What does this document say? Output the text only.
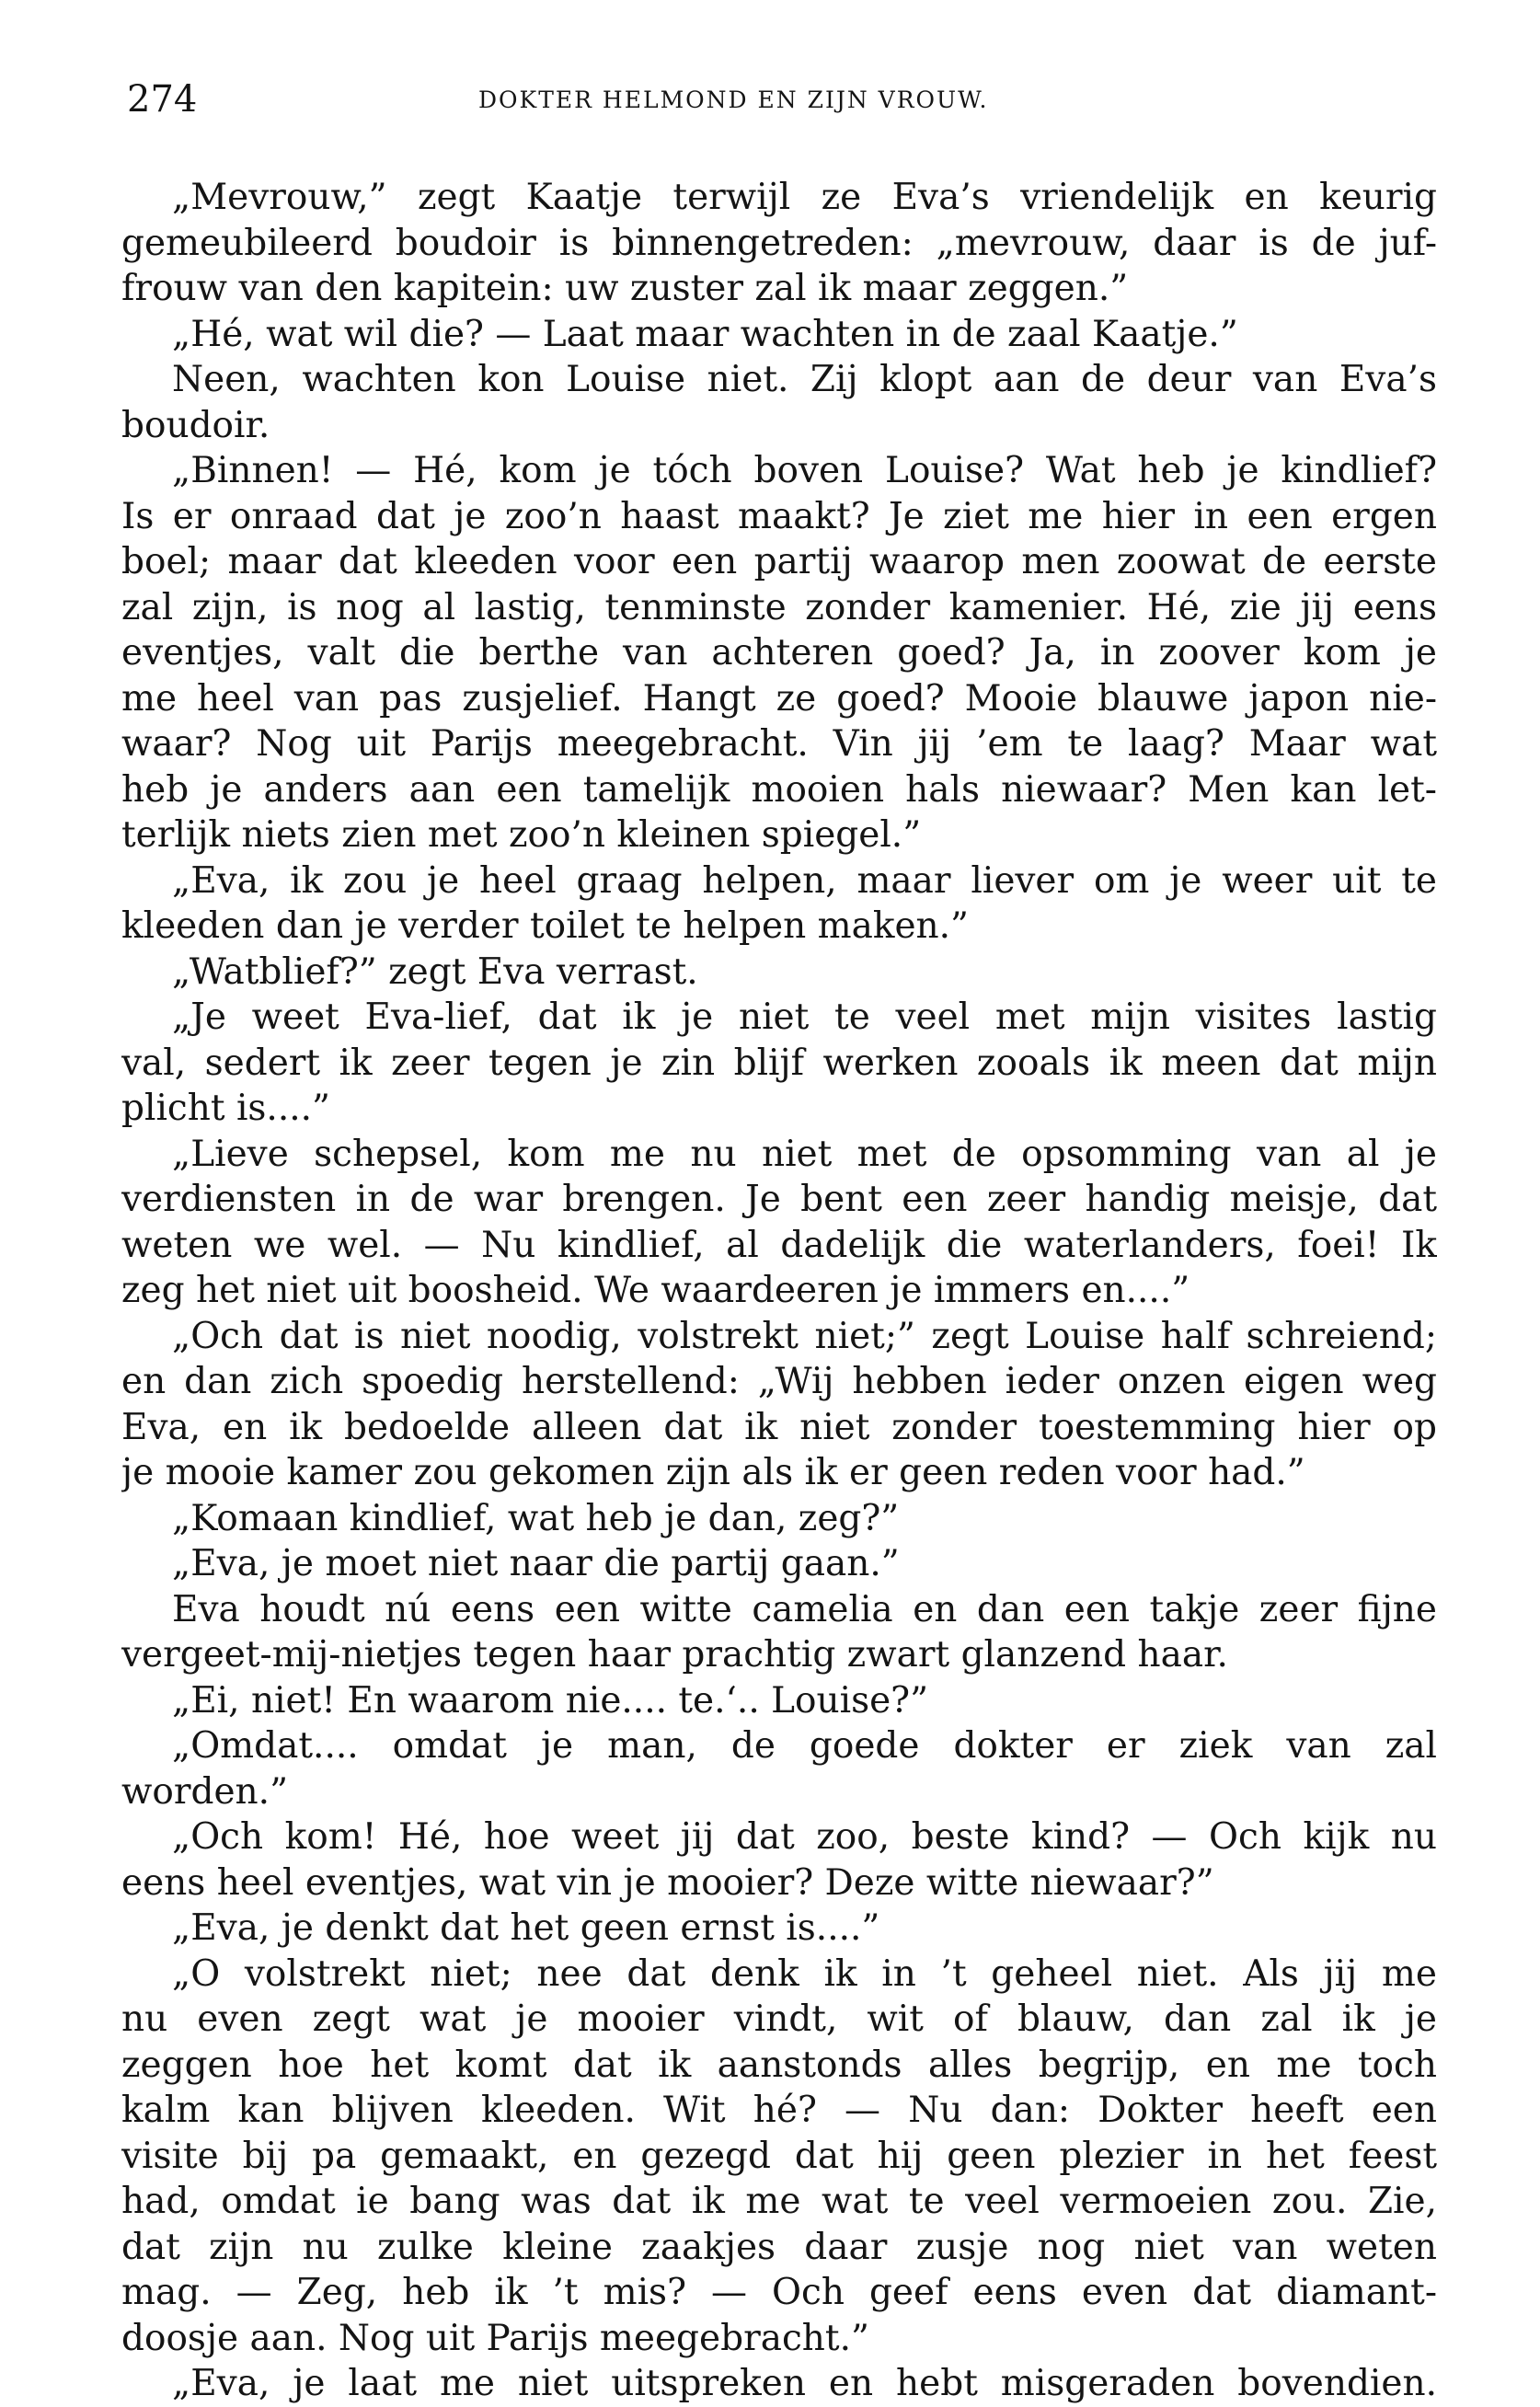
274	DOKTER HELMOND EN ZIJN VROUW.
„Mevrouw,” zegt Kaatje terwijl ze Eva’s vriendelijk en keurig
gemeubileerd boudoir is binnengetreden: „mevrouw, daar is de juf-
frouw van den kapitein: uw zuster zal ik maar zeggen.”
„Hé, wat wil die? — Laat maar wachten in de zaal Kaatje.”
Neen, wachten kon Louise niet. Zij klopt aan de deur van Eva’s
boudoir.
„Binnen! — Hé, kom je tóch boven Louise? Wat heb je kindlief?
Is er onraad dat je zoo’n haast maakt? Je ziet me hier in een ergen
boel; maar dat kleeden voor een partij waarop men zoowat de eerste
zal zijn, is nog al lastig, tenminste zonder kamenier. Hé, zie jij eens
eventjes, valt die berthe van achteren goed? Ja, in zoover kom je
me heel van pas zusjelief. Hangt ze goed? Mooie blauwe japon nie-
waar? Nog uit Parijs meegebracht. Vin jij ’em te laag? Maar wat
heb je anders aan een tamelijk mooien hals niewaar? Men kan let-
terlijk niets zien met zoo’n kleinen spiegel.”
„Eva, ik zou je heel graag helpen, maar liever om je weer uit te
kleeden dan je verder toilet te helpen maken.”
„Watblief?” zegt Eva verrast.
„Je weet Eva-lief, dat ik je niet te veel met mijn visites lastig
val, sedert ik zeer tegen je zin blijf werken zooals ik meen dat mijn
plicht is....”
„Lieve schepsel, kom me nu niet met de opsomming van al je
verdiensten in de war brengen. Je bent een zeer handig meisje, dat
weten we wel. — Nu kindlief, al dadelijk die waterlanders, foei! Ik
zeg het niet uit boosheid. We waardeeren je immers en....”
„Och dat is niet noodig, volstrekt niet;” zegt Louise half schreiend;
en dan zich spoedig herstellend: „Wij hebben ieder onzen eigen weg
Eva, en ik bedoelde alleen dat ik niet zonder toestemming hier op
je mooie kamer zou gekomen zijn als ik er geen reden voor had.”
„Komaan kindlief, wat heb je dan, zeg?”
„Eva, je moet niet naar die partij gaan.”
Eva houdt nú eens een witte camelia en dan een takje zeer fijne
vergeet-mij-nietjes tegen haar prachtig zwart glanzend haar.
„Ei, niet! En waarom nie.... te.‘.. Louise?”
„Omdat.... omdat je man, de goede dokter er ziek van zal
worden.”
„Och kom! Hé, hoe weet jij dat zoo, beste kind? — Och kijk nu
eens heel eventjes, wat vin je mooier? Deze witte niewaar?”
„Eva, je denkt dat het geen ernst is....”
„O volstrekt niet; nee dat denk ik in ’t geheel niet. Als jij me
nu even zegt wat je mooier vindt, wit of blauw, dan zal ik je
zeggen hoe het komt dat ik aanstonds alles begrijp, en me toch
kalm kan blijven kleeden. Wit hé? — Nu dan: Dokter heeft een
visite bij pa gemaakt, en gezegd dat hij geen plezier in het feest
had, omdat ie bang was dat ik me wat te veel vermoeien zou. Zie,
dat zijn nu zulke kleine zaakjes daar zusje nog niet van weten
mag. — Zeg, heb ik ’t mis? — Och geef eens even dat diamant-
doosje aan. Nog uit Parijs meegebracht.”
„Eva, je laat me niet uitspreken en hebt misgeraden bovendien.
